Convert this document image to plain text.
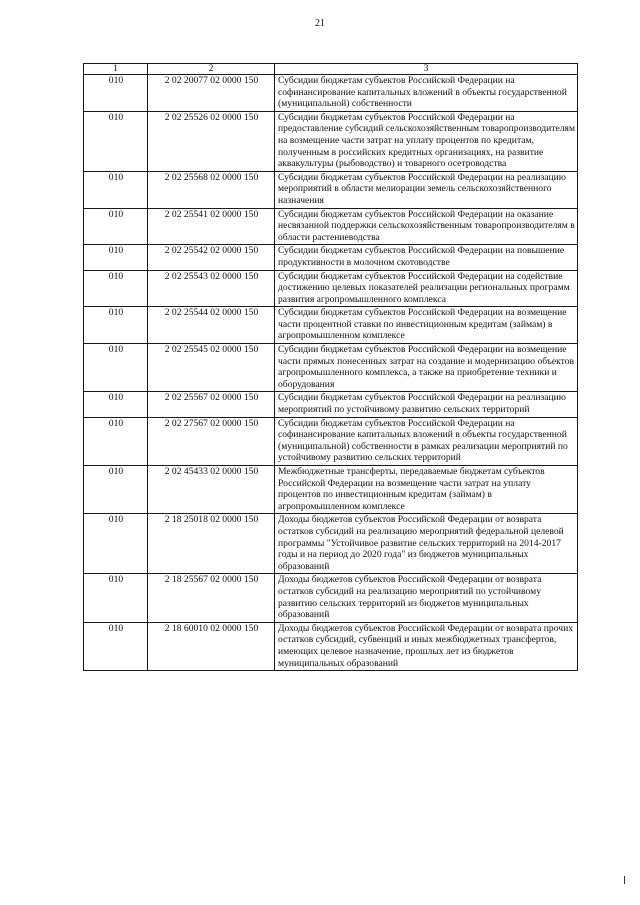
21
1	2	3
010	2 02 20077 02 0000 150	Субсидии бюджетам субъектов Российской Федерации на софинансирование капитальных вложений в объекты государственной (муниципальной) собственности
010	2 02 25526 02 0000 150	Субсидии бюджетам субъектов Российской Федерации на предоставление субсидий сельскохозяйственным товаропроизводителям на возмещение части затрат на уплату процентов по кредитам, полученным в российских кредитных организациях, на развитие аквакультуры (рыбоводство) и товарного осетроводства
010	2 02 25568 02 0000 150	Субсидии бюджетам субъектов Российской Федерации на реализацию мероприятий в области мелиорации земель сельскохозяйственного назначения
010	2 02 25541 02 0000 150	Субсидии бюджетам субъектов Российской Федерации на оказание несвязанной поддержки сельскохозяйственным товаропроизводителям в области растениеводства
010	2 02 25542 02 0000 150	Субсидии бюджетам субъектов Российской Федерации на повышение продуктивности в молочном скотоводстве
010	2 02 25543 02 0000 150	Субсидии бюджетам субъектов Российской Федерации на содействие достижению целевых показателей реализации региональных программ развития агропромышленного комплекса
010	2 02 25544 02 0000 150	Субсидии бюджетам субъектов Российской Федерации на возмещение части процентной ставки по инвестиционным кредитам (займам) в агропромышленном комплексе
010	2 02 25545 02 0000 150	Субсидии бюджетам субъектов Российской Федерации на возмещение части прямых понесенных затрат на создание и модернизацию объектов агропромышленного комплекса, а также на приобретение техники и оборудования
010	2 02 25567 02 0000 150	Субсидии бюджетам субъектов Российской Федерации на реализацию мероприятий по устойчивому развитию сельских территорий
010	2 02 27567 02 0000 150	Субсидии бюджетам субъектов Российской Федерации на софинансирование капитальных вложений в объекты государственной (муниципальной) собственности в рамках реализации мероприятий по устойчивому развитию сельских территорий
010	2 02 45433 02 0000 150	Межбюджетные трансферты, передаваемые бюджетам субъектов Российской Федерации на возмещение части затрат на уплату процентов по инвестиционным кредитам (займам) в агропромышленном комплексе
010	2 18 25018 02 0000 150	Доходы бюджетов субъектов Российской Федерации от возврата остатков субсидий на реализацию мероприятий федеральной целевой программы "Устойчивое развитие сельских территорий на 2014-2017 годы и на период до 2020 года" из бюджетов муниципальных образований
010	2 18 25567 02 0000 150	Доходы бюджетов субъектов Российской Федерации от возврата остатков субсидий на реализацию мероприятий по устойчивому развитию сельских территорий из бюджетов муниципальных образований
010	2 18 60010 02 0000 150	Доходы бюджетов субъектов Российской Федерации от возврата прочих остатков субсидий, субвенций и иных межбюджетных трансфертов, имеющих целевое назначение, прошлых лет из бюджетов муниципальных образований
